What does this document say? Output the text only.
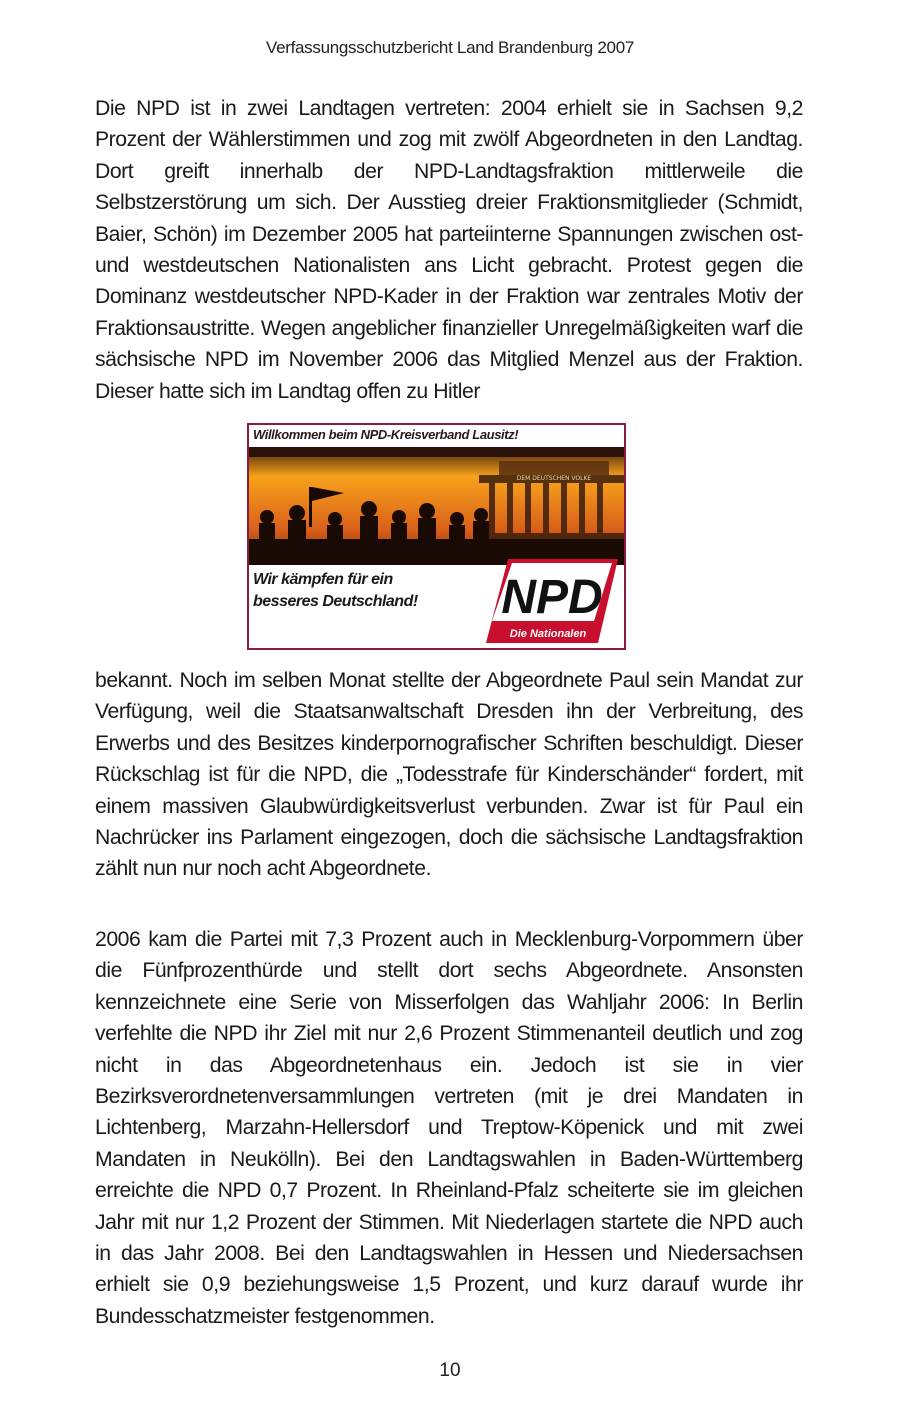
Verfassungsschutzbericht Land Brandenburg 2007

Die NPD ist in zwei Landtagen vertreten: 2004 erhielt sie in Sachsen 9,2 Prozent der Wählerstimmen und zog mit zwölf Abgeordneten in den Landtag. Dort greift innerhalb der NPD-Landtagsfraktion mittlerweile die Selbstzerstörung um sich. Der Ausstieg dreier Fraktionsmitglieder (Schmidt, Baier, Schön) im Dezember 2005 hat parteiinterne Spannungen zwischen ost- und westdeutschen Nationalisten ans Licht gebracht. Protest gegen die Dominanz westdeutscher NPD-Kader in der Fraktion war zentrales Motiv der Fraktionsaustritte. Wegen angeblicher finanzieller Unregelmäßigkeiten warf die sächsische NPD im November 2006 das Mitglied Menzel aus der Fraktion. Dieser hatte sich im Landtag offen zu Hitler

Willkommen beim NPD-Kreisverband Lausitz!
DEM DEUTSCHEN VOLKE
Wir kämpfen für ein
besseres Deutschland! NPD
Die Nationalen

bekannt. Noch im selben Monat stellte der Abgeordnete Paul sein Mandat zur Verfügung, weil die Staatsanwaltschaft Dresden ihn der Verbreitung, des Erwerbs und des Besitzes kinderpornografischer Schriften beschuldigt. Dieser Rückschlag ist für die NPD, die „Todesstrafe für Kinderschänder“ fordert, mit einem massiven Glaubwürdigkeitsverlust verbunden. Zwar ist für Paul ein Nachrücker ins Parlament eingezogen, doch die sächsische Landtagsfraktion zählt nun nur noch acht Abgeordnete.

2006 kam die Partei mit 7,3 Prozent auch in Mecklenburg-Vorpommern über die Fünfprozenthürde und stellt dort sechs Abgeordnete. Ansonsten kennzeichnete eine Serie von Misserfolgen das Wahljahr 2006: In Berlin verfehlte die NPD ihr Ziel mit nur 2,6 Prozent Stimmenanteil deutlich und zog nicht in das Abgeordnetenhaus ein. Jedoch ist sie in vier Bezirksverordnetenversammlungen vertreten (mit je drei Mandaten in Lichtenberg, Marzahn-Hellersdorf und Treptow-Köpenick und mit zwei Mandaten in Neukölln). Bei den Landtagswahlen in Baden-Württemberg erreichte die NPD 0,7 Prozent. In Rheinland-Pfalz scheiterte sie im gleichen Jahr mit nur 1,2 Prozent der Stimmen. Mit Niederlagen startete die NPD auch in das Jahr 2008. Bei den Landtagswahlen in Hessen und Niedersachsen erhielt sie 0,9 beziehungsweise 1,5 Prozent, und kurz darauf wurde ihr Bundesschatzmeister festgenommen.

10
